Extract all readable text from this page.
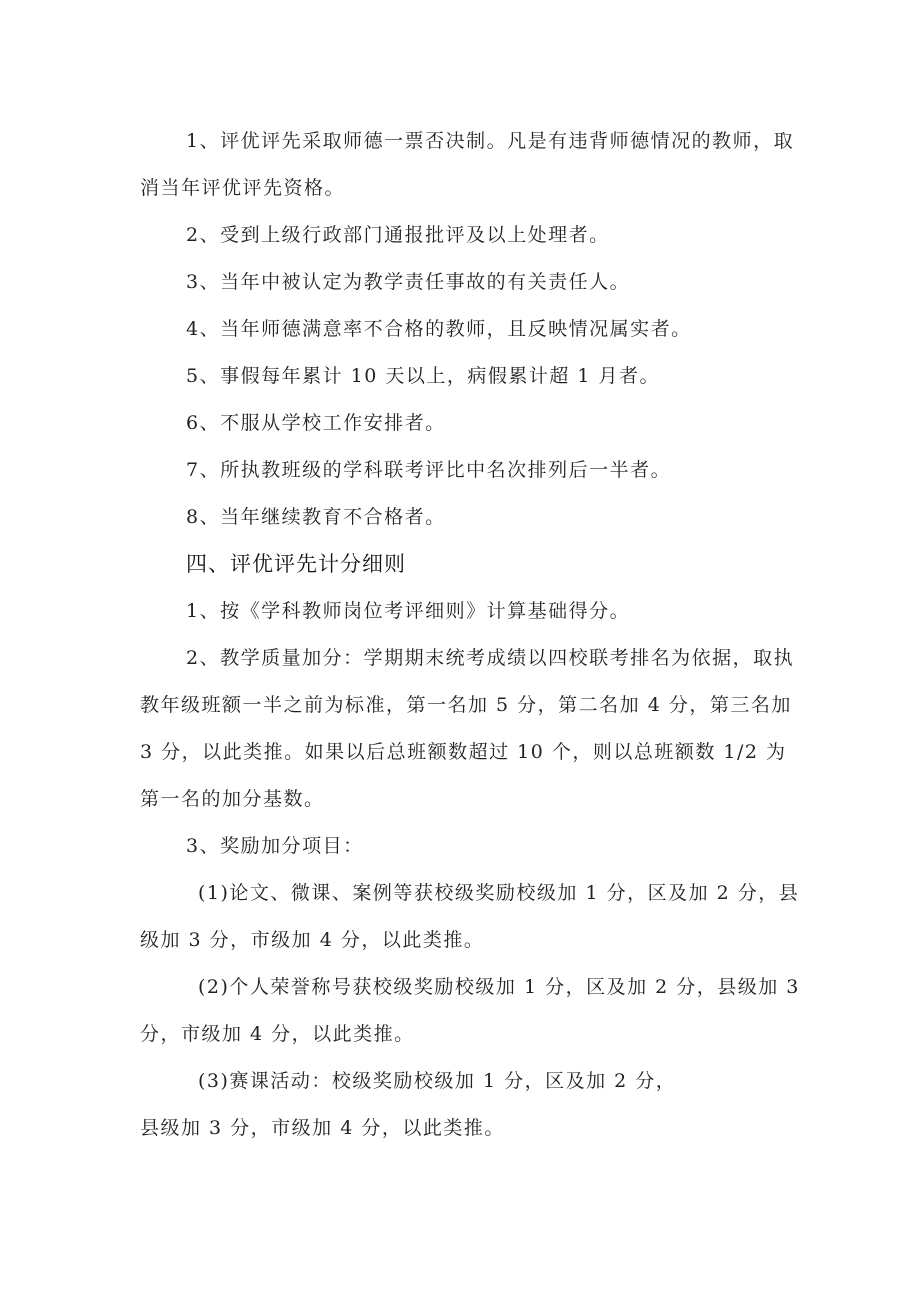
1、评优评先采取师德一票否决制。凡是有违背师德情况的教师，取消当年评优评先资格。

2、受到上级行政部门通报批评及以上处理者。

3、当年中被认定为教学责任事故的有关责任人。

4、当年师德满意率不合格的教师，且反映情况属实者。

5、事假每年累计 10 天以上，病假累计超 1 月者。

6、不服从学校工作安排者。

7、所执教班级的学科联考评比中名次排列后一半者。

8、当年继续教育不合格者。

四、评优评先计分细则

1、按《学科教师岗位考评细则》计算基础得分。

2、教学质量加分：学期期末统考成绩以四校联考排名为依据，取执教年级班额一半之前为标准，第一名加 5 分，第二名加 4 分，第三名加 3 分，以此类推。如果以后总班额数超过 10 个，则以总班额数 1/2 为第一名的加分基数。

3、奖励加分项目：

(1)论文、微课、案例等获校级奖励校级加 1 分，区及加 2 分，县级加 3 分，市级加 4 分，以此类推。

(2)个人荣誉称号获校级奖励校级加 1 分，区及加 2 分，县级加 3 分，市级加 4 分，以此类推。

(3)赛课活动：校级奖励校级加 1 分，区及加 2 分，
县级加 3 分，市级加 4 分，以此类推。
